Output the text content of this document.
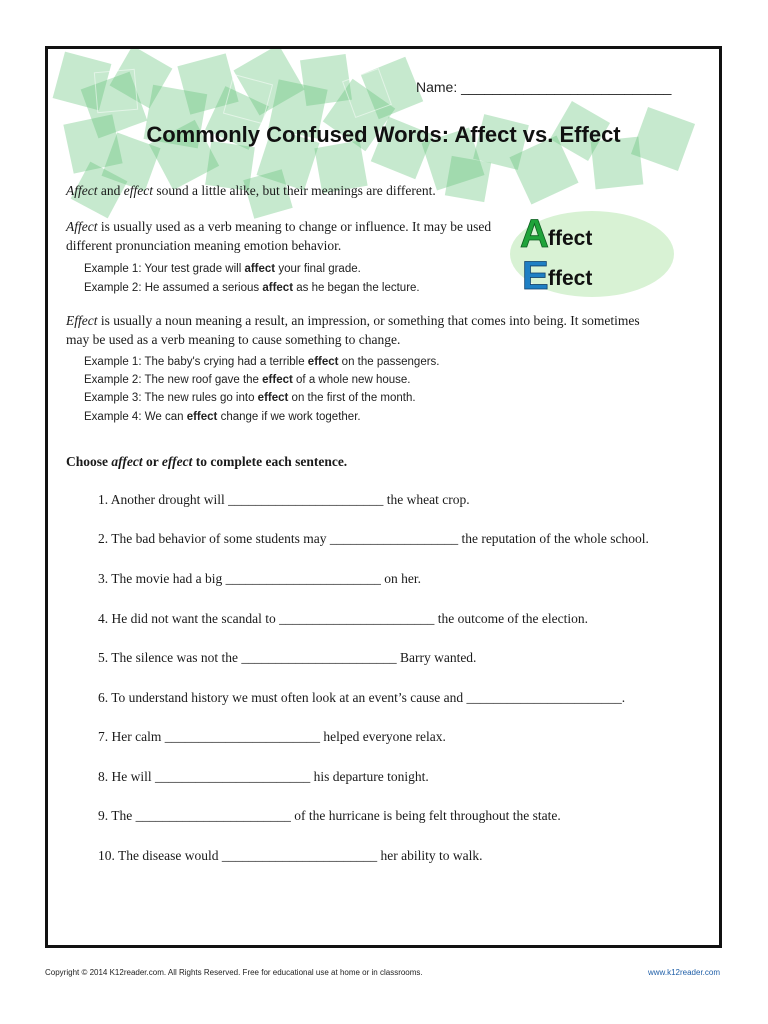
Name: ___________________________
Commonly Confused Words: Affect vs. Effect
Affect and effect sound a little alike, but their meanings are different.
Affect is usually used as a verb meaning to change or influence. It may be used
different pronunciation meaning emotion behavior.
Example 1: Your test grade will affect your final grade.
Example 2: He assumed a serious affect as he began the lecture.
A ffect
E ffect
Effect is usually a noun meaning a result, an impression, or something that comes into being. It sometimes
may be used as a verb meaning to cause something to change.
Example 1: The baby's crying had a terrible effect on the passengers.
Example 2: The new roof gave the effect of a whole new house.
Example 3: The new rules go into effect on the first of the month.
Example 4: We can effect change if we work together.
Choose affect or effect to complete each sentence.
1. Another drought will _______________________ the wheat crop.
2. The bad behavior of some students may ___________________ the reputation of the whole school.
3. The movie had a big _______________________ on her.
4. He did not want the scandal to _______________________ the outcome of the election.
5. The silence was not the _______________________ Barry wanted.
6. To understand history we must often look at an event’s cause and _______________________.
7. Her calm _______________________ helped everyone relax.
8. He will _______________________ his departure tonight.
9. The _______________________ of the hurricane is being felt throughout the state.
10. The disease would _______________________ her ability to walk.
Copyright © 2014 K12reader.com. All Rights Reserved. Free for educational use at home or in classrooms.	www.k12reader.com
